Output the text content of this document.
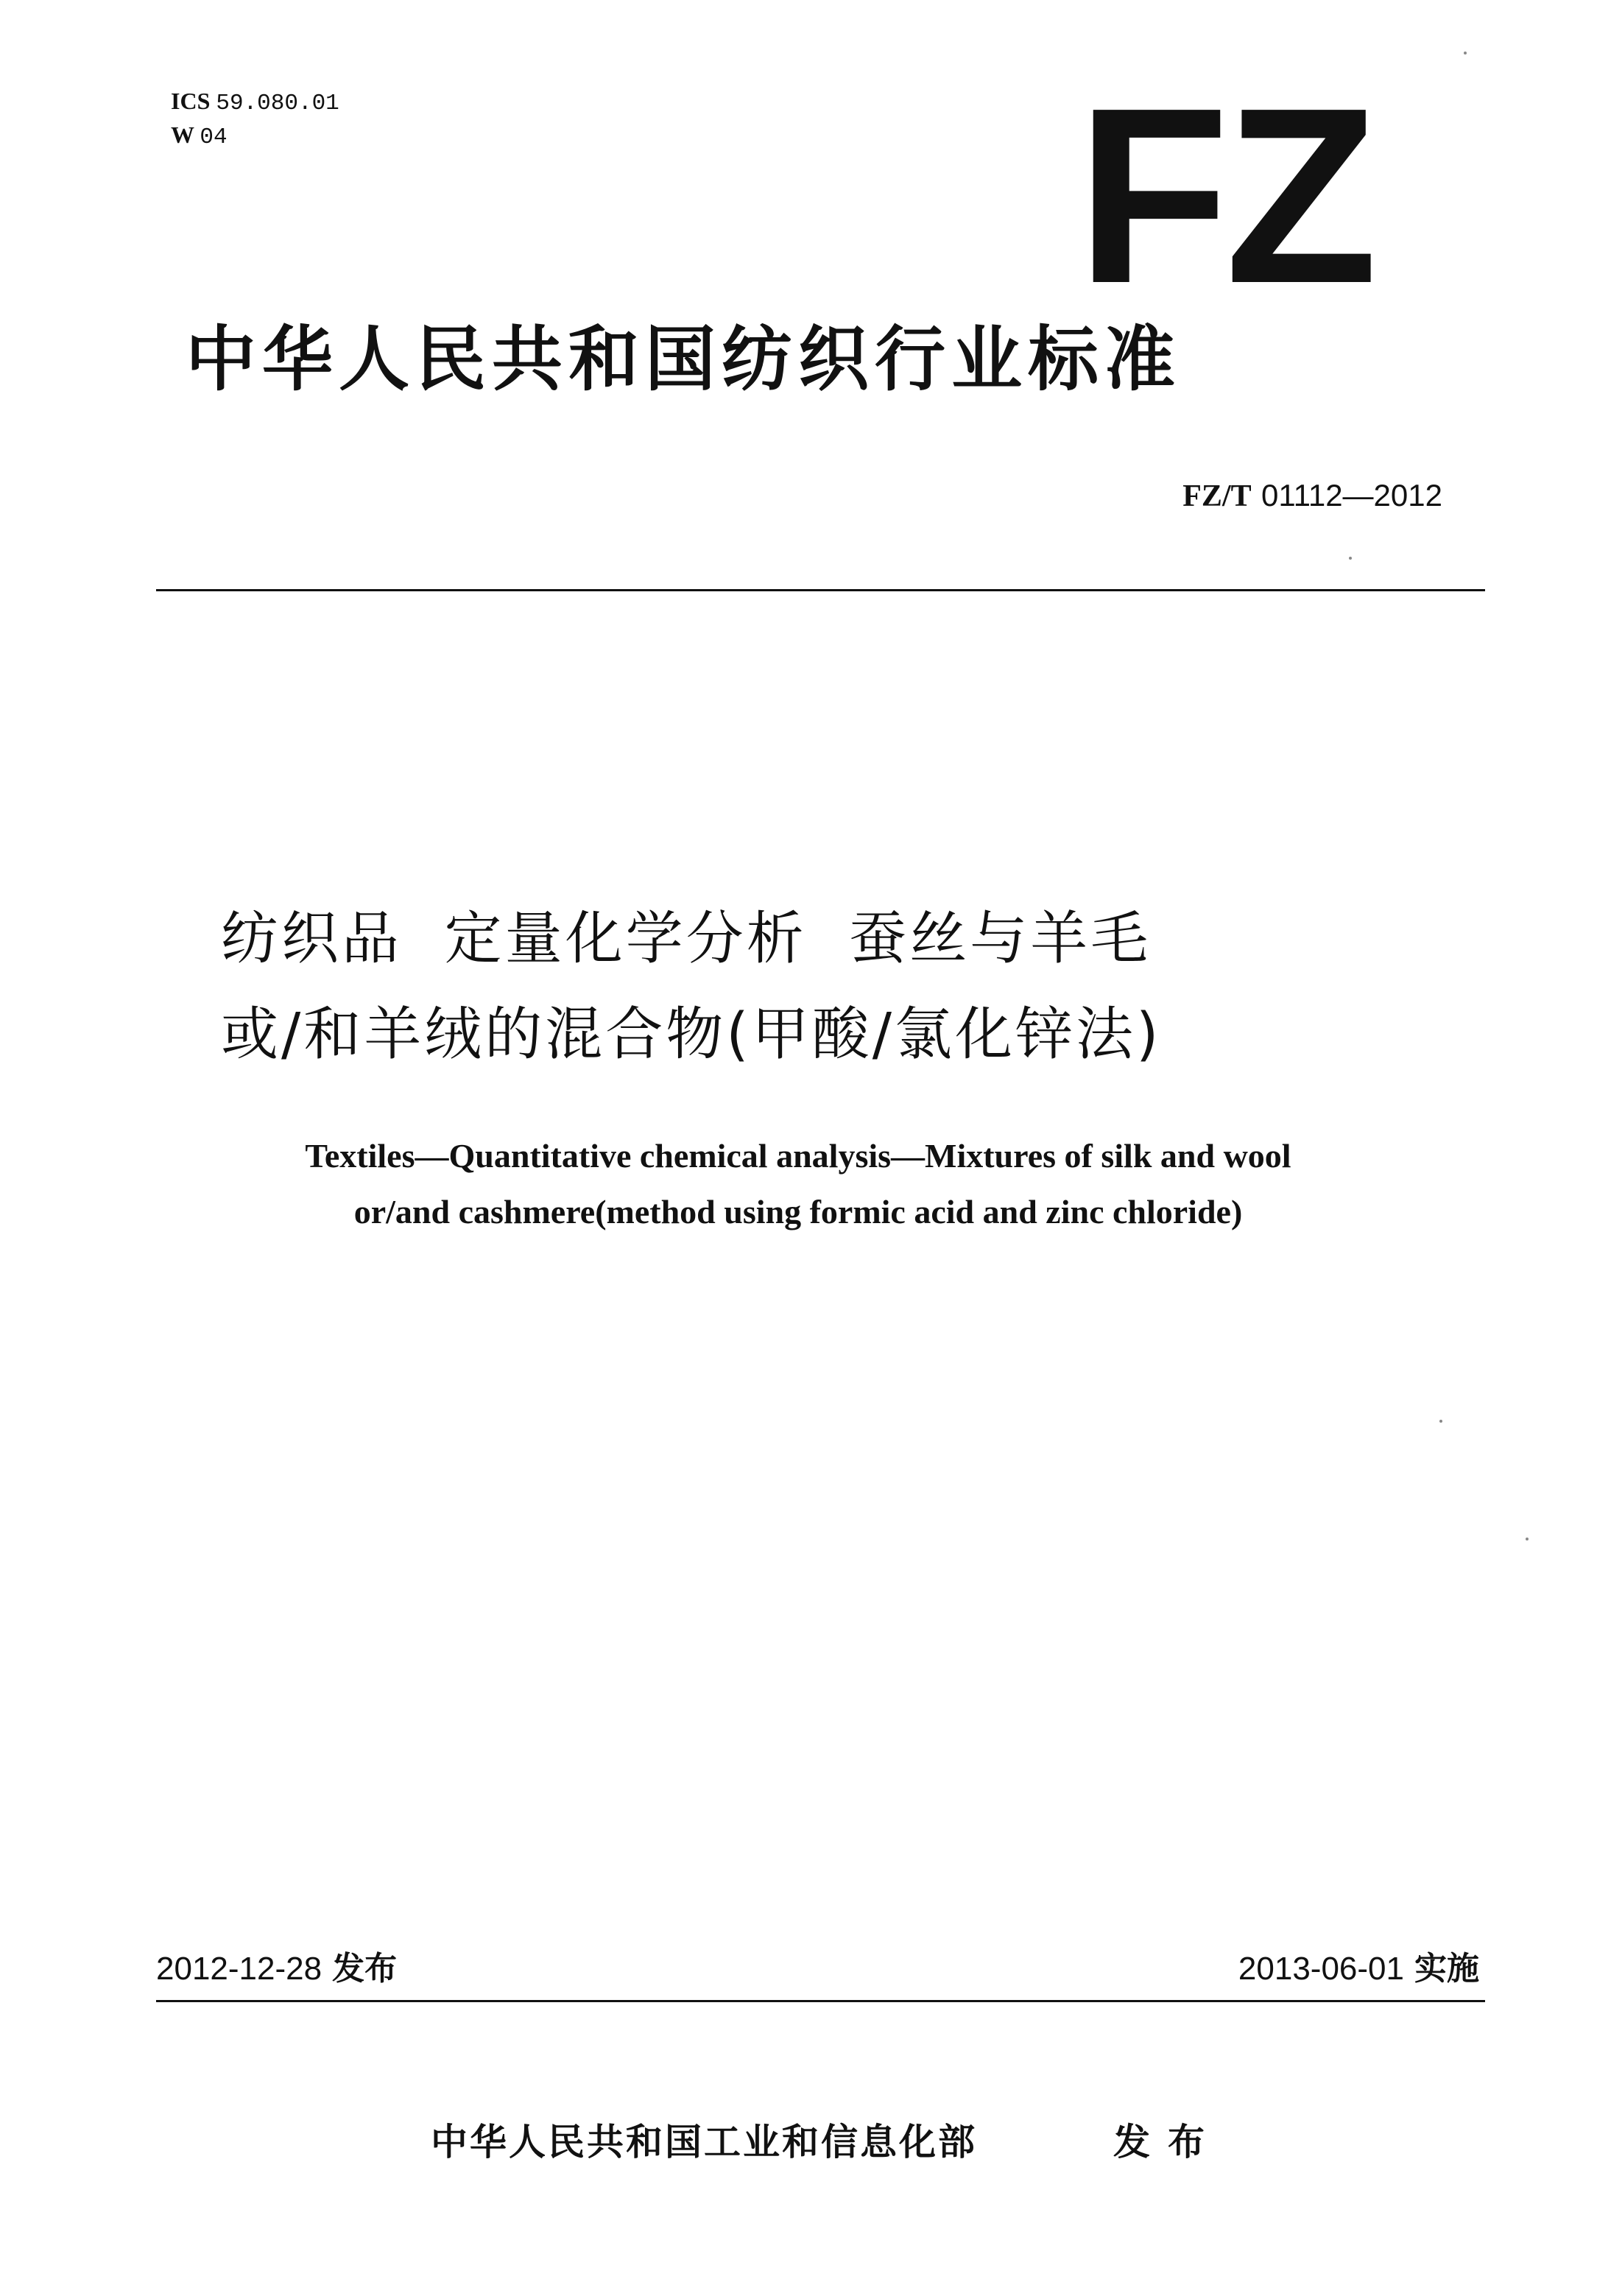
ICS 59.080.01
W 04	FZ
中华人民共和国纺织行业标准
FZ/T 01112—2012
纺织品  定量化学分析  蚕丝与羊毛
或/和羊绒的混合物(甲酸/氯化锌法)
Textiles—Quantitative chemical analysis—Mixtures of silk and wool
or/and cashmere(method using formic acid and zinc chloride)
2012-12-28 发布	2013-06-01 实施
中华人民共和国工业和信息化部	发布
